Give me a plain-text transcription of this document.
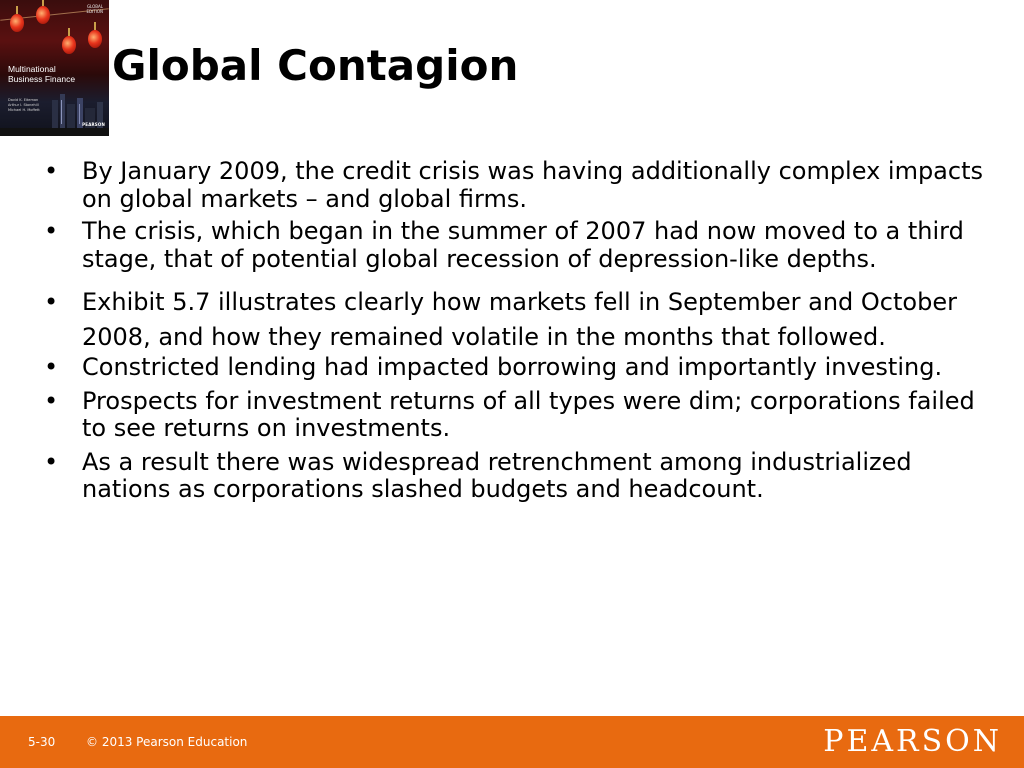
GLOBAL
EDITION
Multinational
Business Finance
David K. Eiteman
Arthur I. Stonehill
Michael H. Moffett
PEARSON
Global Contagion
• By January 2009, the credit crisis was having additionally complex impacts on global markets – and global firms.
• The crisis, which began in the summer of 2007 had now moved to a third stage, that of potential global recession of depression-like depths.
• Exhibit 5.7 illustrates clearly how markets fell in September and October 2008, and how they remained volatile in the months that followed.
• Constricted lending had impacted borrowing and importantly investing.
• Prospects for investment returns of all types were dim; corporations failed to see returns on investments.
• As a result there was widespread retrenchment among industrialized nations as corporations slashed budgets and headcount.
5-30	© 2013 Pearson Education	PEARSON
